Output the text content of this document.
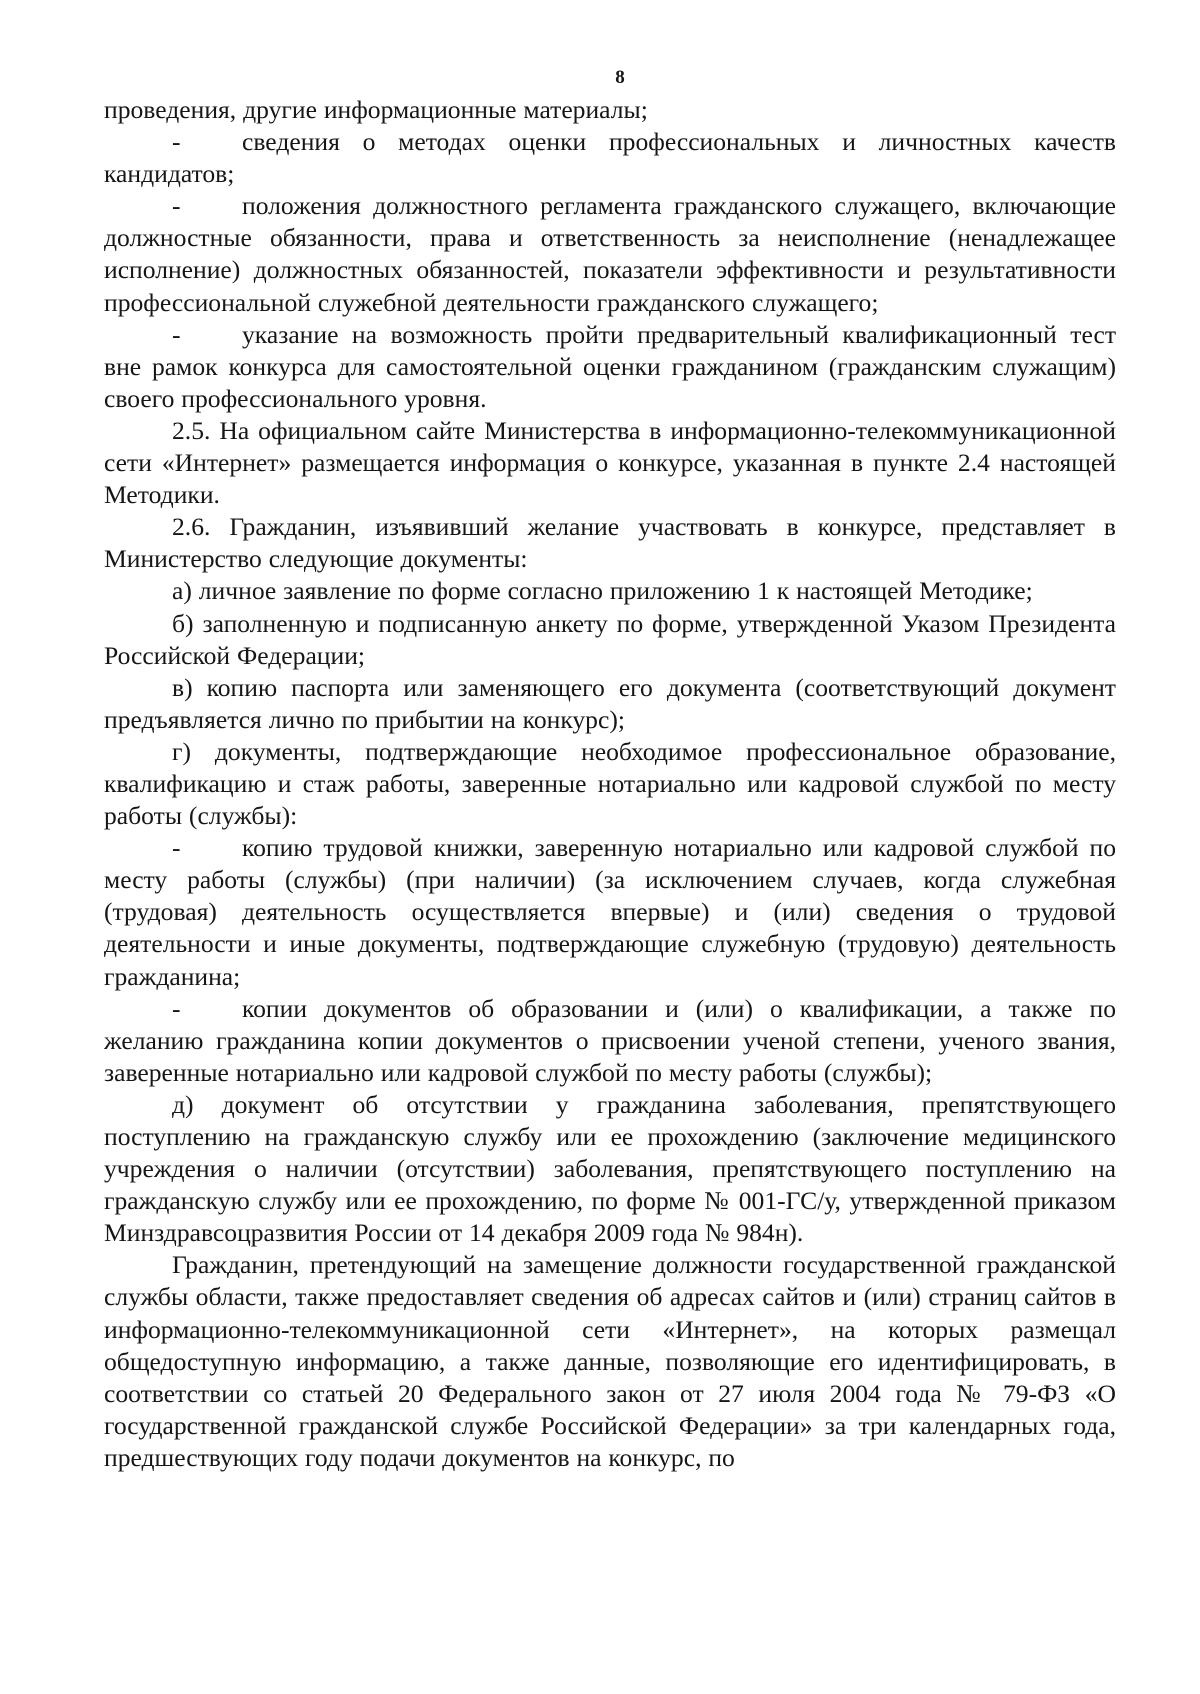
8

проведения, другие информационные материалы;

- сведения о методах оценки профессиональных и личностных качеств кандидатов;

- положения должностного регламента гражданского служащего, включающие должностные обязанности, права и ответственность за неисполнение (ненадлежащее исполнение) должностных обязанностей, показатели эффективности и результативности профессиональной служебной деятельности гражданского служащего;

- указание на возможность пройти предварительный квалификационный тест вне рамок конкурса для самостоятельной оценки гражданином (гражданским служащим) своего профессионального уровня.

2.5. На официальном сайте Министерства в информационно-телекоммуникационной сети «Интернет» размещается информация о конкурсе, указанная в пункте 2.4 настоящей Методики.

2.6. Гражданин, изъявивший желание участвовать в конкурсе, представляет в Министерство следующие документы:

а) личное заявление по форме согласно приложению 1 к настоящей Методике;

б) заполненную и подписанную анкету по форме, утвержденной Указом Президента Российской Федерации;

в) копию паспорта или заменяющего его документа (соответствующий документ предъявляется лично по прибытии на конкурс);

г) документы, подтверждающие необходимое профессиональное образование, квалификацию и стаж работы, заверенные нотариально или кадровой службой по месту работы (службы):

- копию трудовой книжки, заверенную нотариально или кадровой службой по месту работы (службы) (при наличии) (за исключением случаев, когда служебная (трудовая) деятельность осуществляется впервые) и (или) сведения о трудовой деятельности и иные документы, подтверждающие служебную (трудовую) деятельность гражданина;

- копии документов об образовании и (или) о квалификации, а также по желанию гражданина копии документов о присвоении ученой степени, ученого звания, заверенные нотариально или кадровой службой по месту работы (службы);

д) документ об отсутствии у гражданина заболевания, препятствующего поступлению на гражданскую службу или ее прохождению (заключение медицинского учреждения о наличии (отсутствии) заболевания, препятствующего поступлению на гражданскую службу или ее прохождению, по форме № 001-ГС/у, утвержденной приказом Минздравсоцразвития России от 14 декабря 2009 года № 984н).

Гражданин, претендующий на замещение должности государственной гражданской службы области, также предоставляет сведения об адресах сайтов и (или) страниц сайтов в информационно-телекоммуникационной сети «Интернет», на которых размещал общедоступную информацию, а также данные, позволяющие его идентифицировать, в соответствии со статьей 20 Федерального закон от 27 июля 2004 года № 79-ФЗ «О государственной гражданской службе Российской Федерации» за три календарных года, предшествующих году подачи документов на конкурс, по
